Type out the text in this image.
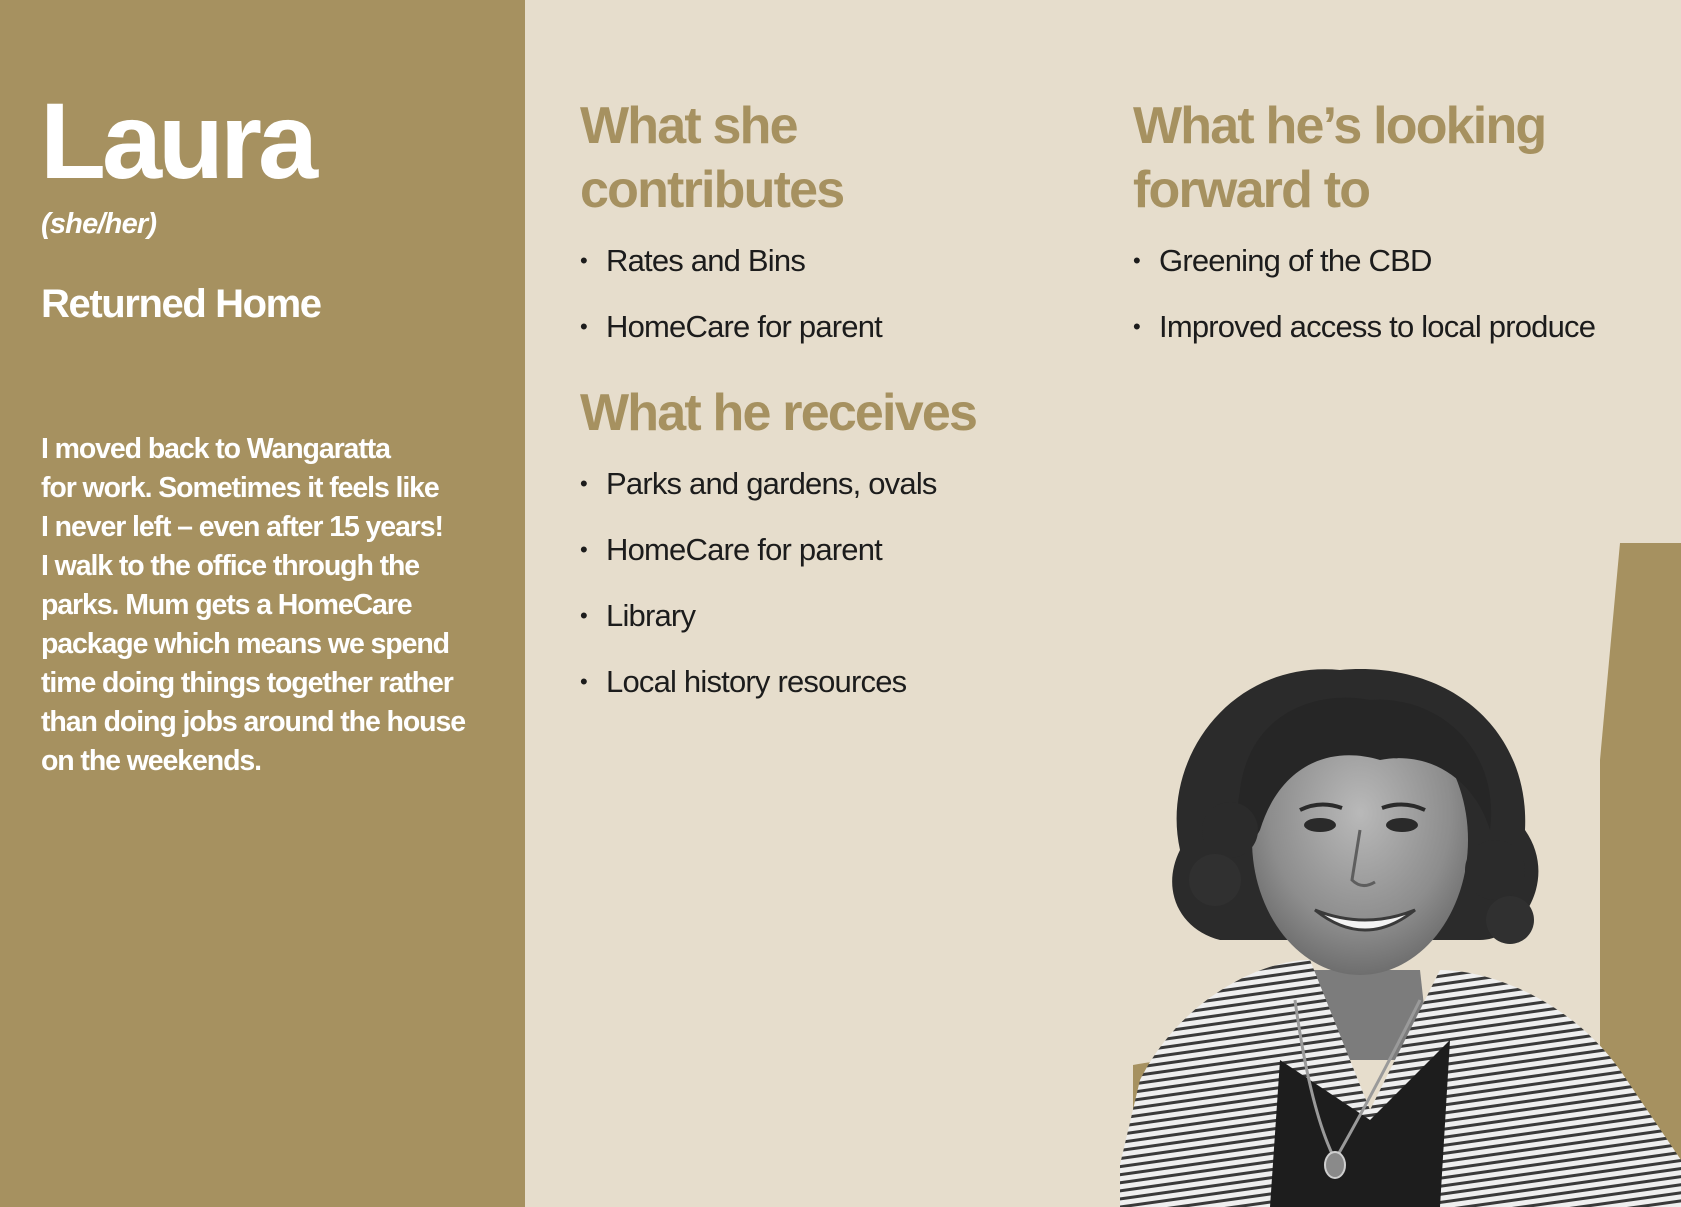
Laura
(she/her)
Returned Home

I moved back to Wangaratta
for work. Sometimes it feels like
I never left – even after 15 years!
I walk to the office through the
parks. Mum gets a HomeCare
package which means we spend
time doing things together rather
than doing jobs around the house
on the weekends.

What she
contributes
• Rates and Bins
• HomeCare for parent
What he receives
• Parks and gardens, ovals
• HomeCare for parent
• Library
• Local history resources
What he’s looking
forward to
• Greening of the CBD
• Improved access to local produce
